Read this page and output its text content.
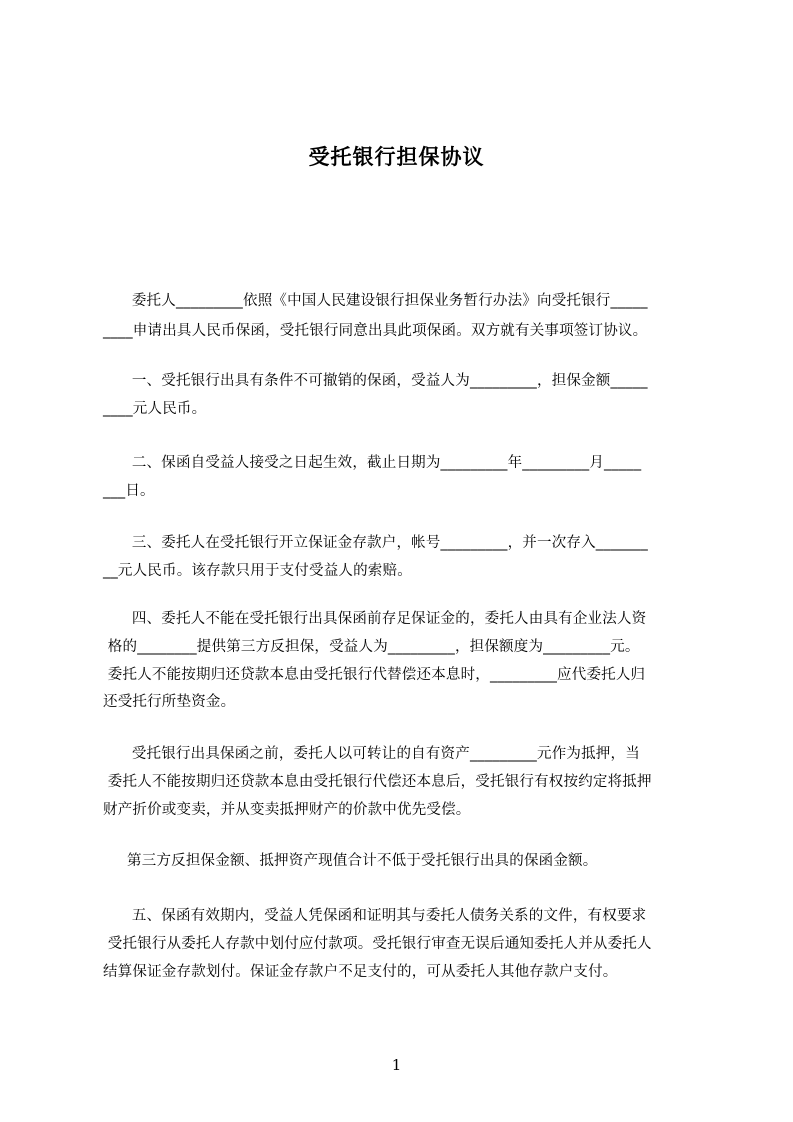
受托银行担保协议
委托人_________依照《中国人民建设银行担保业务暂行办法》向受托银行_____
____申请出具人民币保函，受托银行同意出具此项保函。双方就有关事项签订协议。
一、受托银行出具有条件不可撤销的保函，受益人为_________，担保金额_____
____元人民币。
二、保函自受益人接受之日起生效，截止日期为_________年_________月_____
___日。
三、委托人在受托银行开立保证金存款户，帐号_________，并一次存入_______
__元人民币。该存款只用于支付受益人的索赔。
四、委托人不能在受托银行出具保函前存足保证金的，委托人由具有企业法人资
格的________提供第三方反担保，受益人为_________，担保额度为_________元。
委托人不能按期归还贷款本息由受托银行代替偿还本息时，_________应代委托人归
还受托行所垫资金。
受托银行出具保函之前，委托人以可转让的自有资产_________元作为抵押，当
委托人不能按期归还贷款本息由受托银行代偿还本息后，受托银行有权按约定将抵押
财产折价或变卖，并从变卖抵押财产的价款中优先受偿。
第三方反担保金额、抵押资产现值合计不低于受托银行出具的保函金额。
五、保函有效期内，受益人凭保函和证明其与委托人债务关系的文件，有权要求
受托银行从委托人存款中划付应付款项。受托银行审查无误后通知委托人并从委托人
结算保证金存款划付。保证金存款户不足支付的，可从委托人其他存款户支付。
1
